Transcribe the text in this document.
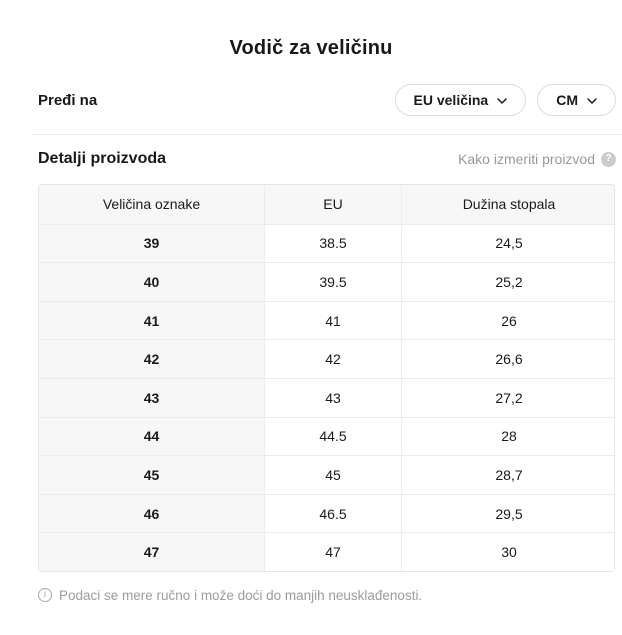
Vodič za veličinu
Pređi na	EU veličina	CM
Detalji proizvoda	Kako izmeriti proizvod	?
Veličina oznake	EU	Dužina stopala
39	38.5	24,5
40	39.5	25,2
41	41	26
42	42	26,6
43	43	27,2
44	44.5	28
45	45	28,7
46	46.5	29,5
47	47	30
i Podaci se mere ručno i može doći do manjih neusklađenosti.
